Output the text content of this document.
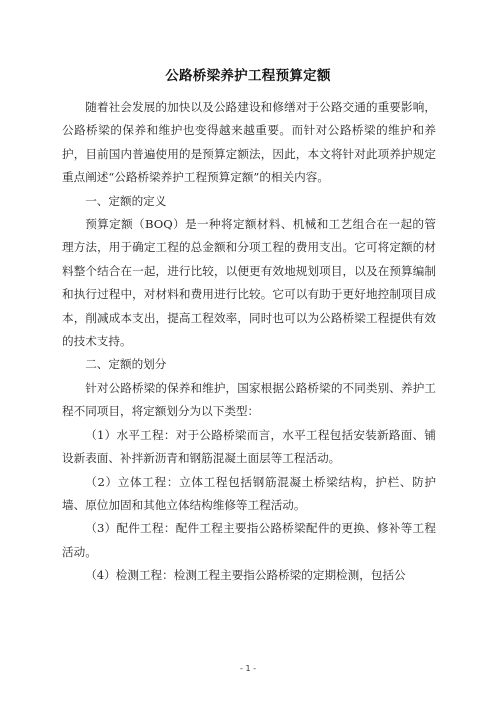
公路桥梁养护工程预算定额

随着社会发展的加快以及公路建设和修缮对于公路交通的重要影响，公路桥梁的保养和维护也变得越来越重要。而针对公路桥梁的维护和养护，目前国内普遍使用的是预算定额法，因此，本文将针对此项养护规定重点阐述“公路桥梁养护工程预算定额”的相关内容。

一、定额的定义

预算定额（BOQ）是一种将定额材料、机械和工艺组合在一起的管理方法，用于确定工程的总金额和分项工程的费用支出。它可将定额的材料整个结合在一起，进行比较，以便更有效地规划项目，以及在预算编制和执行过程中，对材料和费用进行比较。它可以有助于更好地控制项目成本，削减成本支出，提高工程效率，同时也可以为公路桥梁工程提供有效的技术支持。

二、定额的划分

针对公路桥梁的保养和维护，国家根据公路桥梁的不同类别、养护工程不同项目，将定额划分为以下类型：

（1）水平工程：对于公路桥梁而言，水平工程包括安装新路面、铺设新表面、补拌新沥青和钢筋混凝土面层等工程活动。

（2）立体工程：立体工程包括钢筋混凝土桥梁结构，护栏、防护墙、原位加固和其他立体结构维修等工程活动。

（3）配件工程：配件工程主要指公路桥梁配件的更换、修补等工程活动。

（4）检测工程：检测工程主要指公路桥梁的定期检测，包括公

- 1 -
